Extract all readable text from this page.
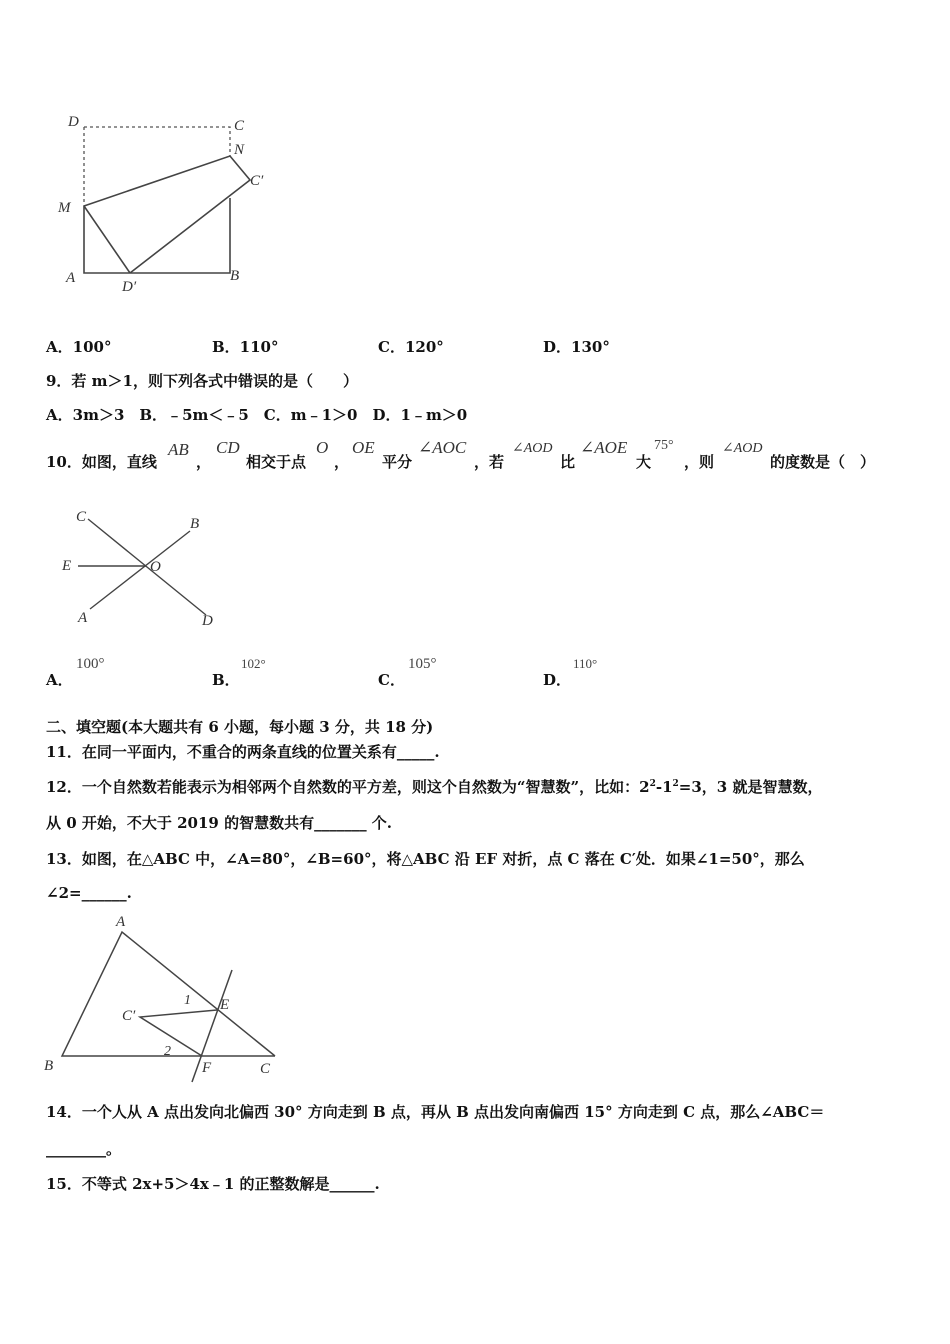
D	C
N
C′
M
A
D′
B
A．100°	B．110°	C．120°	D．130°
9．若 m＞1，则下列各式中错误的是（　　）
A．3m＞3　B．﹣5m＜﹣5　C．m﹣1＞0　D．1﹣m＞0
10．如图，直线
AB
，
CD
相交于点
O
，
OE
平分
∠AOC
，若
∠AOD
比
∠AOE
大
75°
，则
∠AOD
的度数是（　）
C	B
E	O
A	D
A．
100°
B．
102°
C．
105°
D．
110°
二、填空题(本大题共有 6 小题，每小题 3 分，共 18 分)
11．在同一平面内，不重合的两条直线的位置关系有_____.
12．一个自然数若能表示为相邻两个自然数的平方差，则这个自然数为“智慧数”，比如：$2^2-1^2=3$，3 就是智慧数，
从 0 开始，不大于 2019 的智慧数共有_______ 个.
13．如图，在△ABC 中，∠A=80°，∠B=60°，将△ABC 沿 EF 对折，点 C 落在 C′处．如果∠1=50°，那么
∠2=______.
A
1 E
C′
2
B	F	C
14．一个人从 A 点出发向北偏西 30° 方向走到 B 点，再从 B 点出发向南偏西 15° 方向走到 C 点，那么∠ABC＝
________。
15．不等式 2x+5＞4x﹣1 的正整数解是______.
